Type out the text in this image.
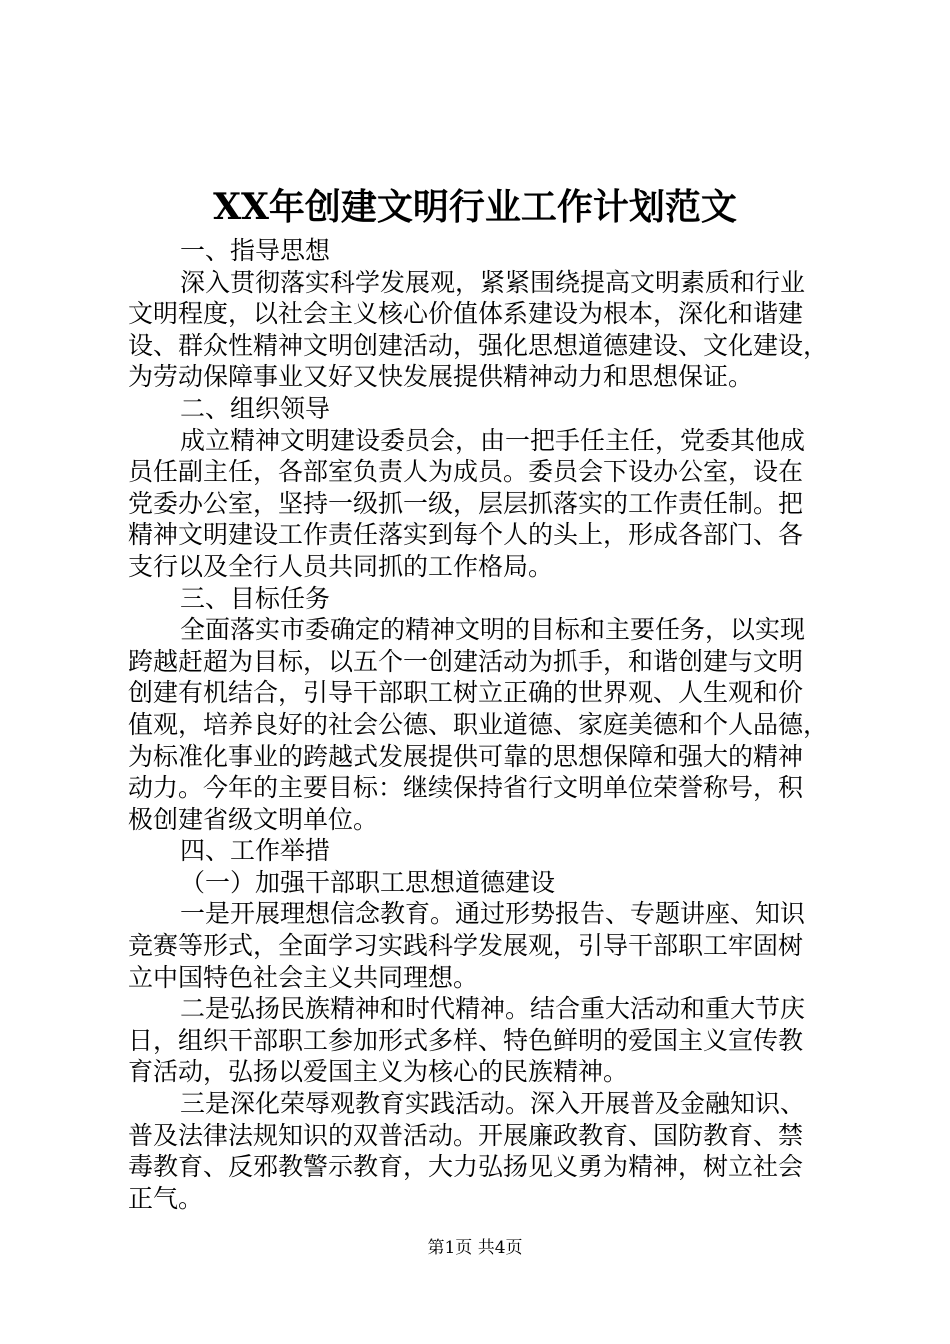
XX年创建文明行业工作计划范文
一、指导思想
深入贯彻落实科学发展观，紧紧围绕提高文明素质和行业
文明程度，以社会主义核心价值体系建设为根本，深化和谐建
设、群众性精神文明创建活动，强化思想道德建设、文化建设，
为劳动保障事业又好又快发展提供精神动力和思想保证。
二、组织领导
成立精神文明建设委员会，由一把手任主任，党委其他成
员任副主任，各部室负责人为成员。委员会下设办公室，设在
党委办公室，坚持一级抓一级，层层抓落实的工作责任制。把
精神文明建设工作责任落实到每个人的头上，形成各部门、各
支行以及全行人员共同抓的工作格局。
三、目标任务
全面落实市委确定的精神文明的目标和主要任务，以实现
跨越赶超为目标，以五个一创建活动为抓手，和谐创建与文明
创建有机结合，引导干部职工树立正确的世界观、人生观和价
值观，培养良好的社会公德、职业道德、家庭美德和个人品德，
为标准化事业的跨越式发展提供可靠的思想保障和强大的精神
动力。今年的主要目标：继续保持省行文明单位荣誉称号，积
极创建省级文明单位。
四、工作举措
（一）加强干部职工思想道德建设
一是开展理想信念教育。通过形势报告、专题讲座、知识
竞赛等形式，全面学习实践科学发展观，引导干部职工牢固树
立中国特色社会主义共同理想。
二是弘扬民族精神和时代精神。结合重大活动和重大节庆
日，组织干部职工参加形式多样、特色鲜明的爱国主义宣传教
育活动，弘扬以爱国主义为核心的民族精神。
三是深化荣辱观教育实践活动。深入开展普及金融知识、
普及法律法规知识的双普活动。开展廉政教育、国防教育、禁
毒教育、反邪教警示教育，大力弘扬见义勇为精神，树立社会
正气。
第1页 共4页
